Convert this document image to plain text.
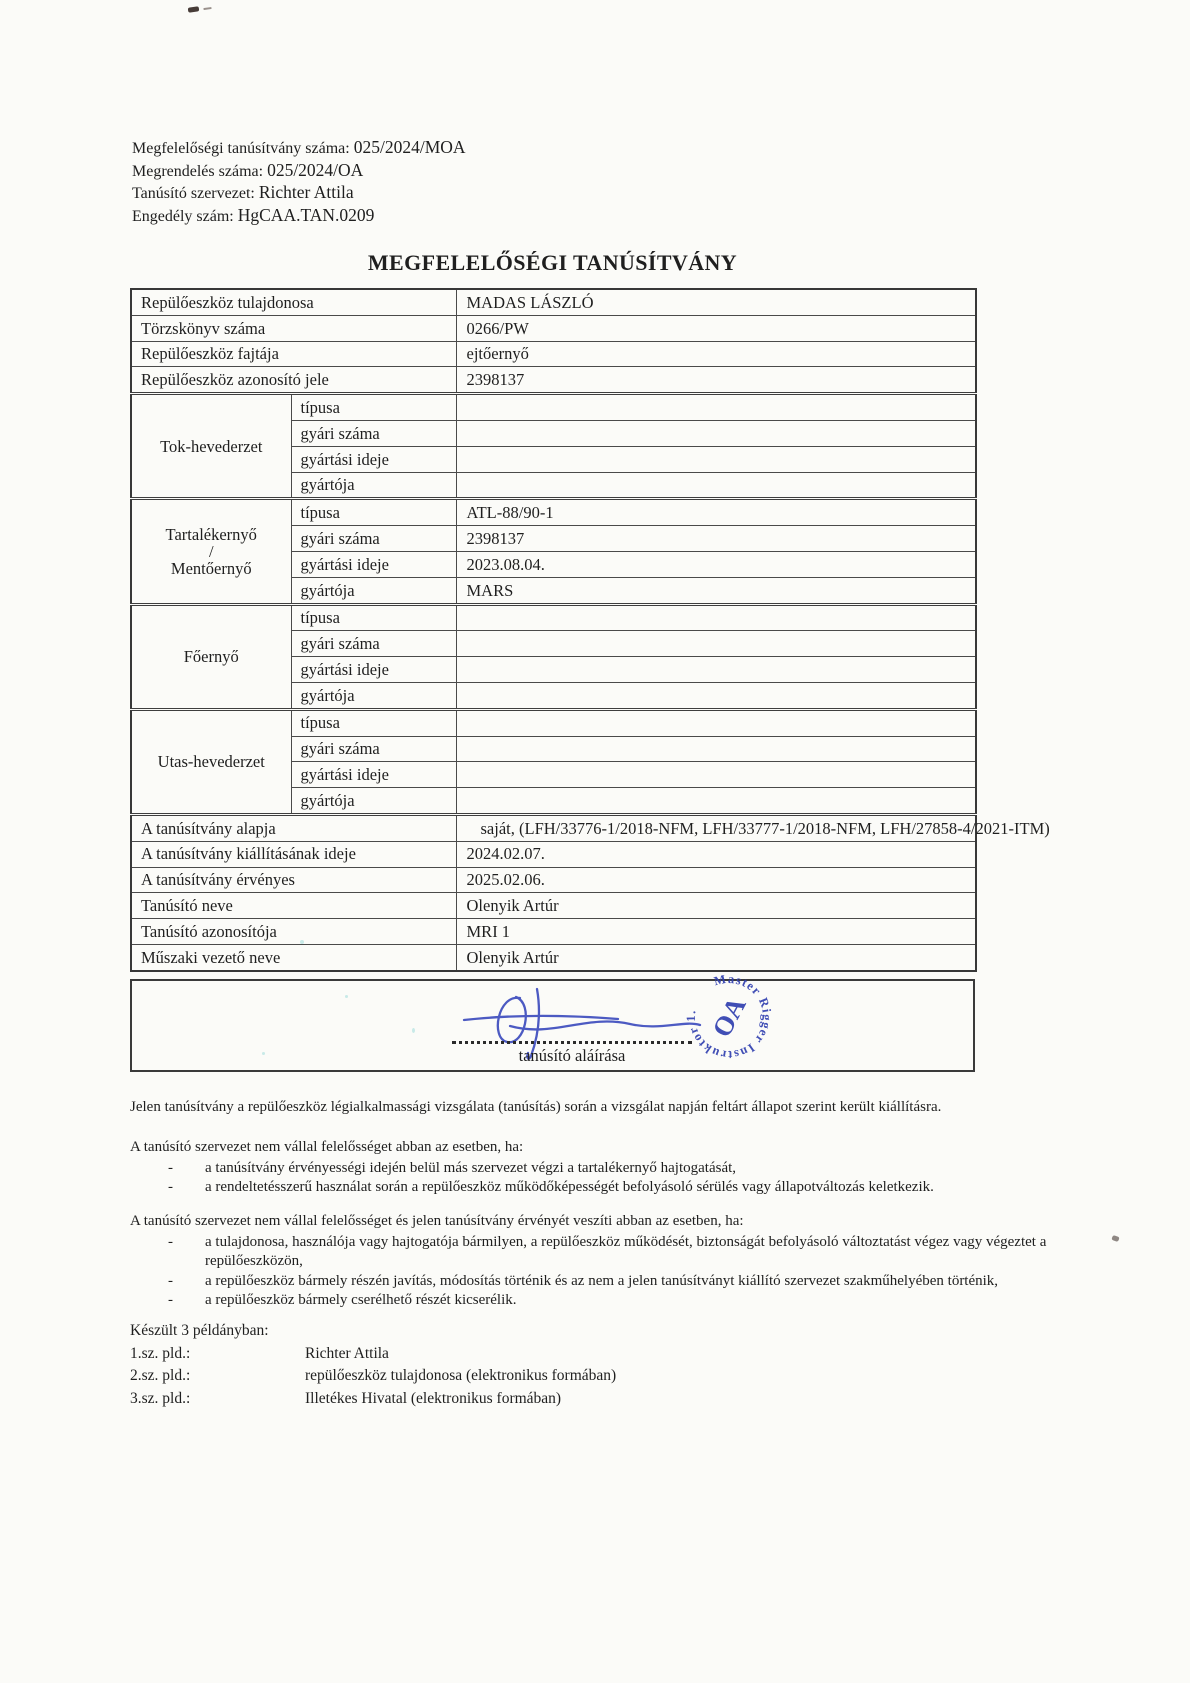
Megfelelőségi tanúsítvány száma: 025/2024/MOA
Megrendelés száma: 025/2024/OA
Tanúsító szervezet: Richter Attila
Engedély szám: HgCAA.TAN.0209
MEGFELELŐSÉGI TANÚSÍTVÁNY
Repülőeszköz tulajdonosa		MADAS LÁSZLÓ
Törzskönyv száma		0266/PW
Repülőeszköz fajtája		ejtőernyő
Repülőeszköz azonosító jele		2398137

Tok-hevederzet	típusa	
	gyári száma	
	gyártási ideje	
	gyártója	

Tartalékernyő
/
Mentőernyő	típusa	ATL-88/90-1
	gyári száma	2398137
	gyártási ideje	2023.08.04.
	gyártója	MARS

Főernyő	típusa	
	gyári száma	
	gyártási ideje	
	gyártója	

Utas-hevederzet	típusa	
	gyári száma	
	gyártási ideje	
	gyártója	
A tanúsítvány alapja		saját, (LFH/33776-1/2018-NFM, LFH/33777-1/2018-NFM, LFH/27858-4/2021-ITM)
A tanúsítvány kiállításának ideje		2024.02.07.
A tanúsítvány érvényes		2025.02.06.
Tanúsító neve		Olenyik Artúr
Tanúsító azonosítója		MRI 1
Műszaki vezető neve		Olenyik Artúr
tanúsító aláírása
Master Rigger Instruktor 1. OA
Jelen tanúsítvány a repülőeszköz légialkalmassági vizsgálata (tanúsítás) során a vizsgálat napján feltárt állapot szerint került kiállításra.
A tanúsító szervezet nem vállal felelősséget abban az esetben, ha:
- a tanúsítvány érvényességi idején belül más szervezet végzi a tartalékernyő hajtogatását,
- a rendeltetésszerű használat során a repülőeszköz működőképességét befolyásoló sérülés vagy állapotváltozás keletkezik.
A tanúsító szervezet nem vállal felelősséget és jelen tanúsítvány érvényét veszíti abban az esetben, ha:
- a tulajdonosa, használója vagy hajtogatója bármilyen, a repülőeszköz működését, biztonságát befolyásoló változtatást végez vagy végeztet a repülőeszközön,
- a repülőeszköz bármely részén javítás, módosítás történik és az nem a jelen tanúsítványt kiállító szervezet szakműhelyében történik,
- a repülőeszköz bármely cserélhető részét kicserélik.
Készült 3 példányban:
1.sz. pld.:	Richter Attila
2.sz. pld.:	repülőeszköz tulajdonosa (elektronikus formában)
3.sz. pld.:	Illetékes Hivatal (elektronikus formában)
